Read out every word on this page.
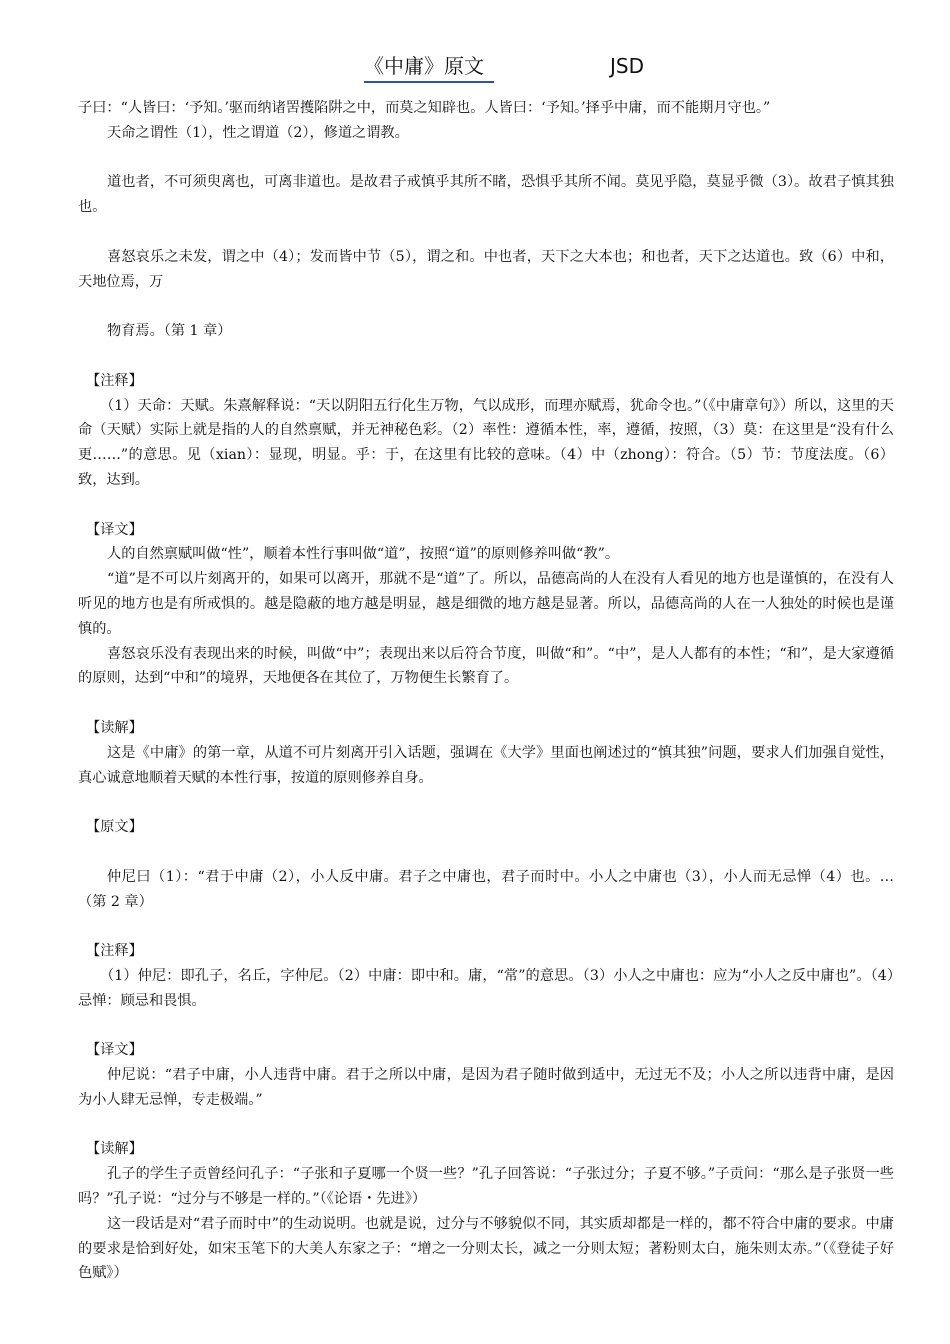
《中庸》原文	JSD

子曰：“人皆曰：‘予知。’驱而纳诸罟擭陷阱之中，而莫之知辟也。人皆曰：‘予知。’择乎中庸，而不能期月守也。”

天命之谓性（1），性之谓道（2），修道之谓教。

道也者，不可须臾离也，可离非道也。是故君子戒慎乎其所不睹，恐惧乎其所不闻。莫见乎隐，莫显乎微（3）。故君子慎其独也。

喜怒哀乐之未发，谓之中（4）；发而皆中节（5），谓之和。中也者，天下之大本也；和也者，天下之达道也。致（6）中和，天地位焉，万

物育焉。（第 1 章）

【注释】

（1）天命：天赋。朱熹解释说：“天以阴阳五行化生万物，气以成形，而理亦赋焉，犹命令也。”（《中庸章句》）所以，这里的天命（天赋）实际上就是指的人的自然禀赋，并无神秘色彩。（2）率性：遵循本性，率，遵循，按照，（3）莫：在这里是“没有什么更……”的意思。见（xian）：显现，明显。乎：于，在这里有比较的意味。（4）中（zhong）：符合。（5）节：节度法度。（6）致，达到。

【译文】

人的自然禀赋叫做“性”，顺着本性行事叫做“道”，按照“道”的原则修养叫做“教”。

“道”是不可以片刻离开的，如果可以离开，那就不是“道”了。所以，品德高尚的人在没有人看见的地方也是谨慎的，在没有人听见的地方也是有所戒惧的。越是隐蔽的地方越是明显，越是细微的地方越是显著。所以，品德高尚的人在一人独处的时候也是谨慎的。

喜怒哀乐没有表现出来的时候，叫做“中”；表现出来以后符合节度，叫做“和”。“中”，是人人都有的本性；“和”，是大家遵循的原则，达到“中和”的境界，天地便各在其位了，万物便生长繁育了。

【读解】

这是《中庸》的第一章，从道不可片刻离开引入话题，强调在《大学》里面也阐述过的“慎其独”问题，要求人们加强自觉性，真心诚意地顺着天赋的本性行事，按道的原则修养自身。

【原文】

仲尼曰（1）：“君于中庸（2），小人反中庸。君子之中庸也，君子而时中。小人之中庸也（3），小人而无忌惮（4）也。…（第 2 章）

【注释】

（1）仲尼：即孔子，名丘，字仲尼。（2）中庸：即中和。庸，“常”的意思。（3）小人之中庸也：应为“小人之反中庸也”。（4）忌惮：顾忌和畏惧。

【译文】

仲尼说：“君子中庸，小人违背中庸。君于之所以中庸，是因为君子随时做到适中，无过无不及；小人之所以违背中庸，是因为小人肆无忌惮，专走极端。”

【读解】

孔子的学生子贡曾经问孔子：“子张和子夏哪一个贤一些？”孔子回答说：“子张过分；子夏不够。”子贡问：“那么是子张贤一些吗？”孔子说：“过分与不够是一样的。”（《论语・先进》）

这一段话是对“君子而时中”的生动说明。也就是说，过分与不够貌似不同，其实质却都是一样的，都不符合中庸的要求。中庸的要求是恰到好处，如宋玉笔下的大美人东家之子：“增之一分则太长，减之一分则太短；著粉则太白，施朱则太赤。”（《登徒子好色赋》）
